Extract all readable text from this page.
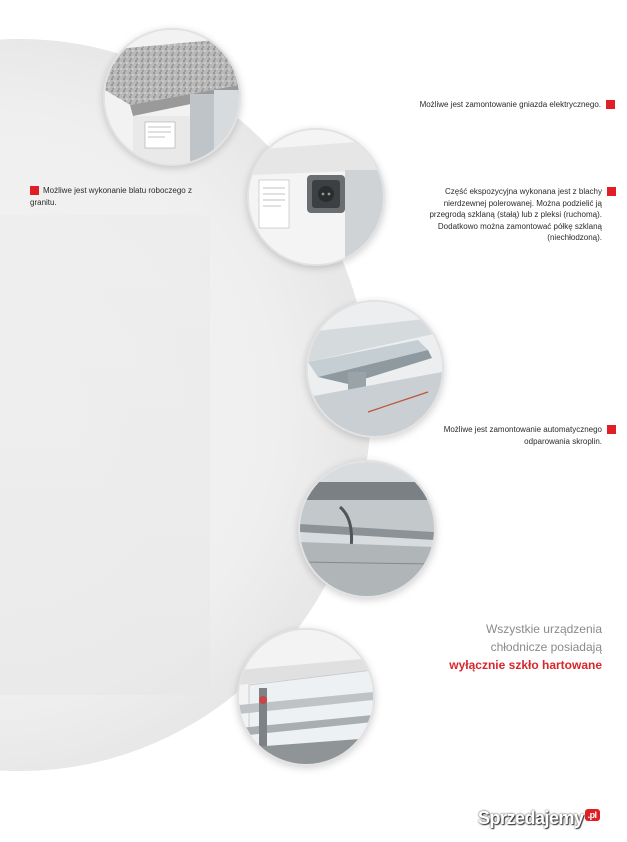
Możliwe jest wykonanie blatu roboczego z granitu.
Możliwe jest zamontowanie gniazda elektrycznego.
Część ekspozycyjna wykonana jest z blachy nierdzewnej polerowanej. Można podzielić ją przegrodą szklaną (stałą) lub z pleksi (ruchomą). Dodatkowo można zamontować półkę szklaną (niechłodzoną).
Możliwe jest zamontowanie automatycznego odparowania skroplin.
Wszystkie urządzenia
chłodnicze posiadają
wyłącznie szkło hartowane
Sprzedajemy .pl
